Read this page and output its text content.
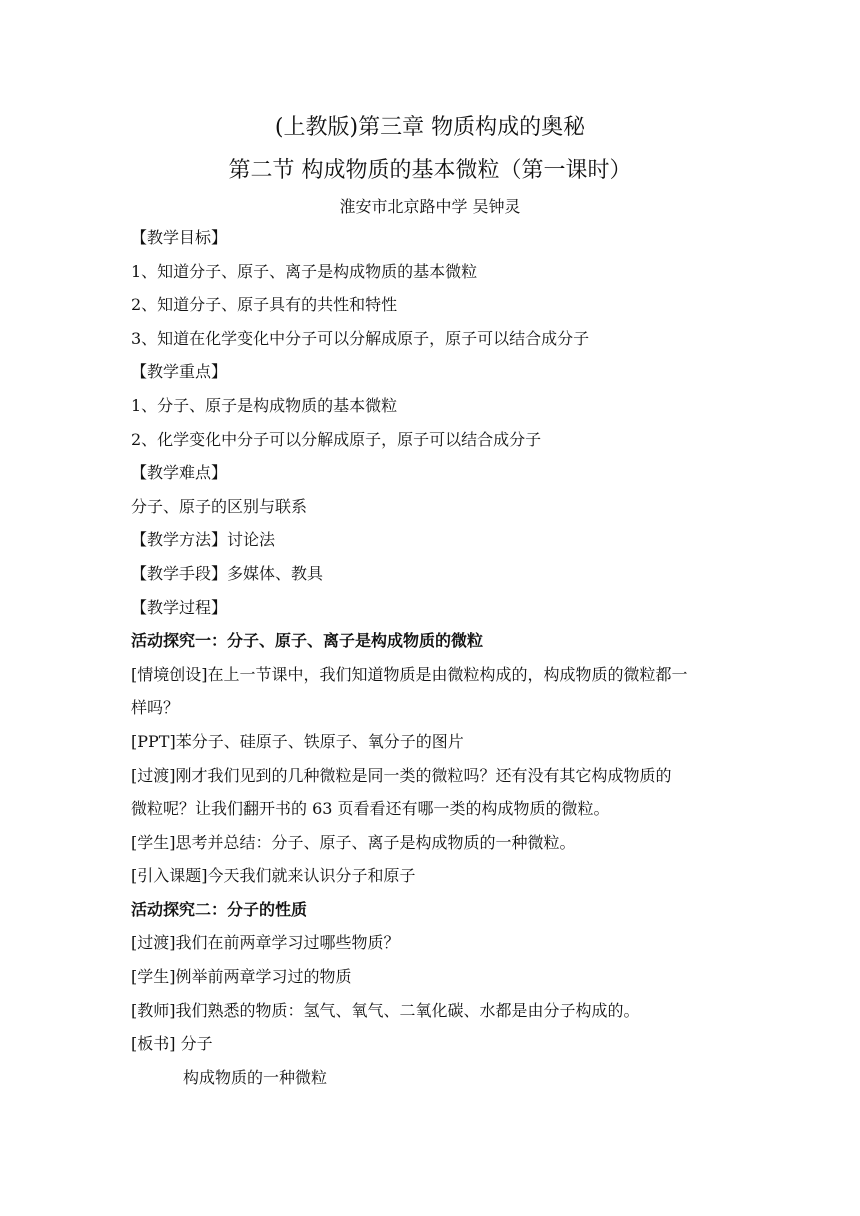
(上教版)第三章 物质构成的奥秘
第二节 构成物质的基本微粒（第一课时）
淮安市北京路中学 吴钟灵
【教学目标】
1、知道分子、原子、离子是构成物质的基本微粒
2、知道分子、原子具有的共性和特性
3、知道在化学变化中分子可以分解成原子，原子可以结合成分子
【教学重点】
1、分子、原子是构成物质的基本微粒
2、化学变化中分子可以分解成原子，原子可以结合成分子
【教学难点】
分子、原子的区别与联系
【教学方法】讨论法
【教学手段】多媒体、教具
【教学过程】
活动探究一：分子、原子、离子是构成物质的微粒
[情境创设]在上一节课中，我们知道物质是由微粒构成的，构成物质的微粒都一
样吗？
[PPT]苯分子、硅原子、铁原子、氧分子的图片
[过渡]刚才我们见到的几种微粒是同一类的微粒吗？还有没有其它构成物质的
微粒呢？让我们翻开书的 63 页看看还有哪一类的构成物质的微粒。
[学生]思考并总结：分子、原子、离子是构成物质的一种微粒。
[引入课题]今天我们就来认识分子和原子
活动探究二：分子的性质
[过渡]我们在前两章学习过哪些物质？
[学生]例举前两章学习过的物质
[教师]我们熟悉的物质：氢气、氧气、二氧化碳、水都是由分子构成的。
[板书] 分子
构成物质的一种微粒
